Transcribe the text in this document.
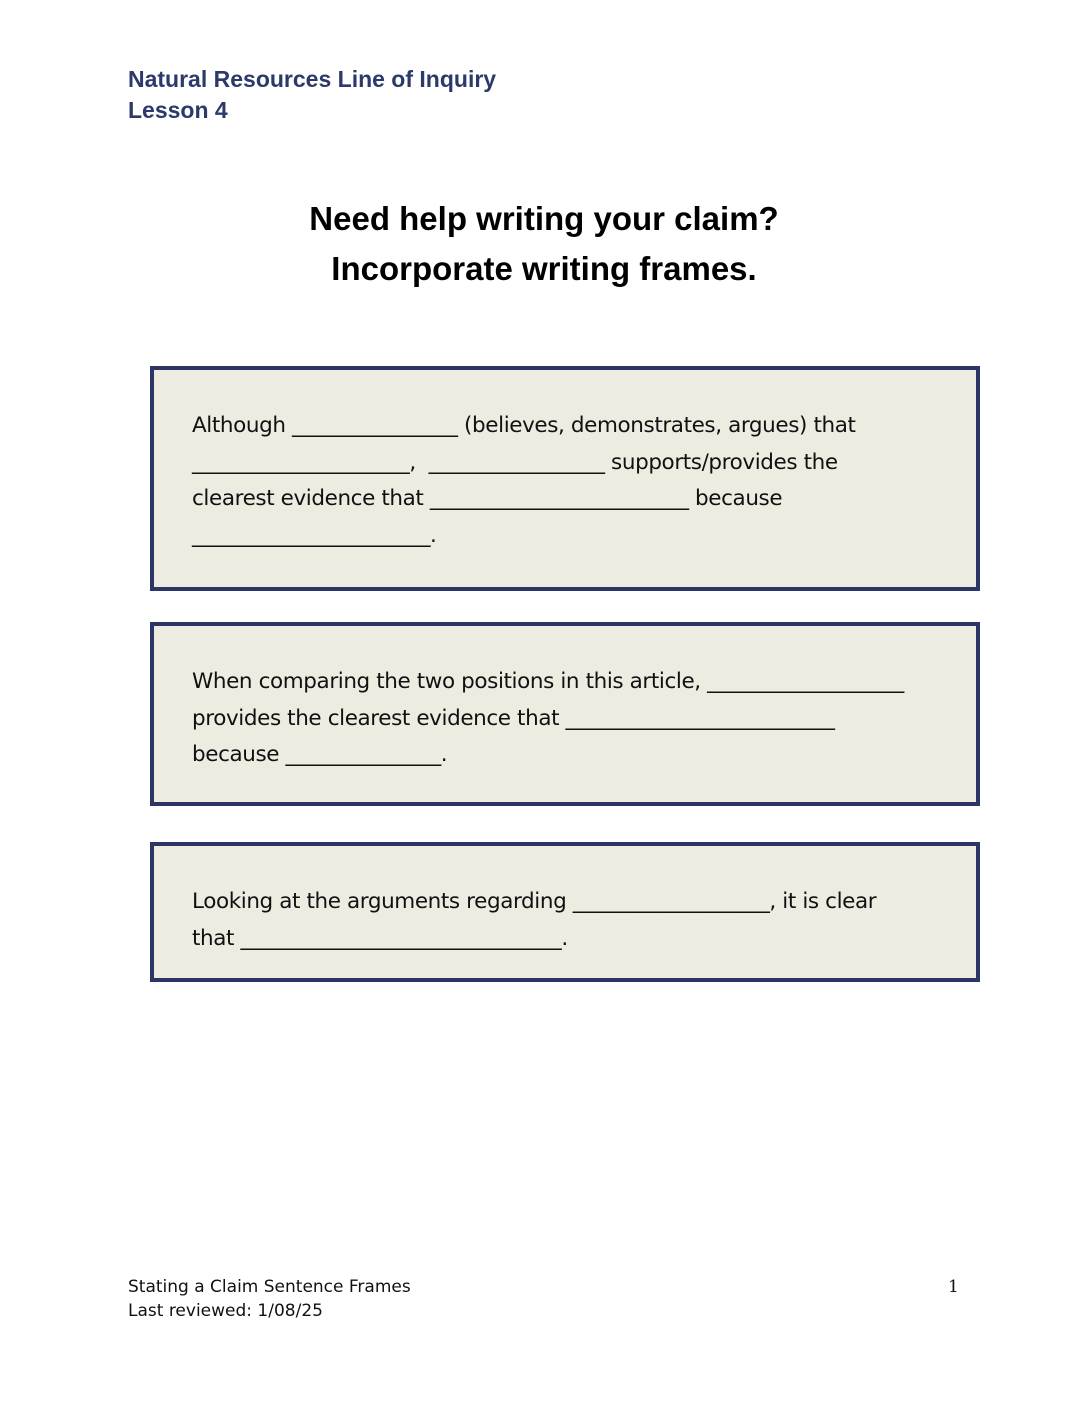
Natural Resources Line of Inquiry
Lesson 4
Need help writing your claim?
Incorporate writing frames.
Although ________________ (believes, demonstrates, argues) that
_____________________,  _________________ supports/provides the
clearest evidence that _________________________ because
_______________________.
When comparing the two positions in this article, ___________________
provides the clearest evidence that __________________________
because _______________.
Looking at the arguments regarding ___________________, it is clear
that _______________________________.
Stating a Claim Sentence Frames
Last reviewed: 1/08/25
1
